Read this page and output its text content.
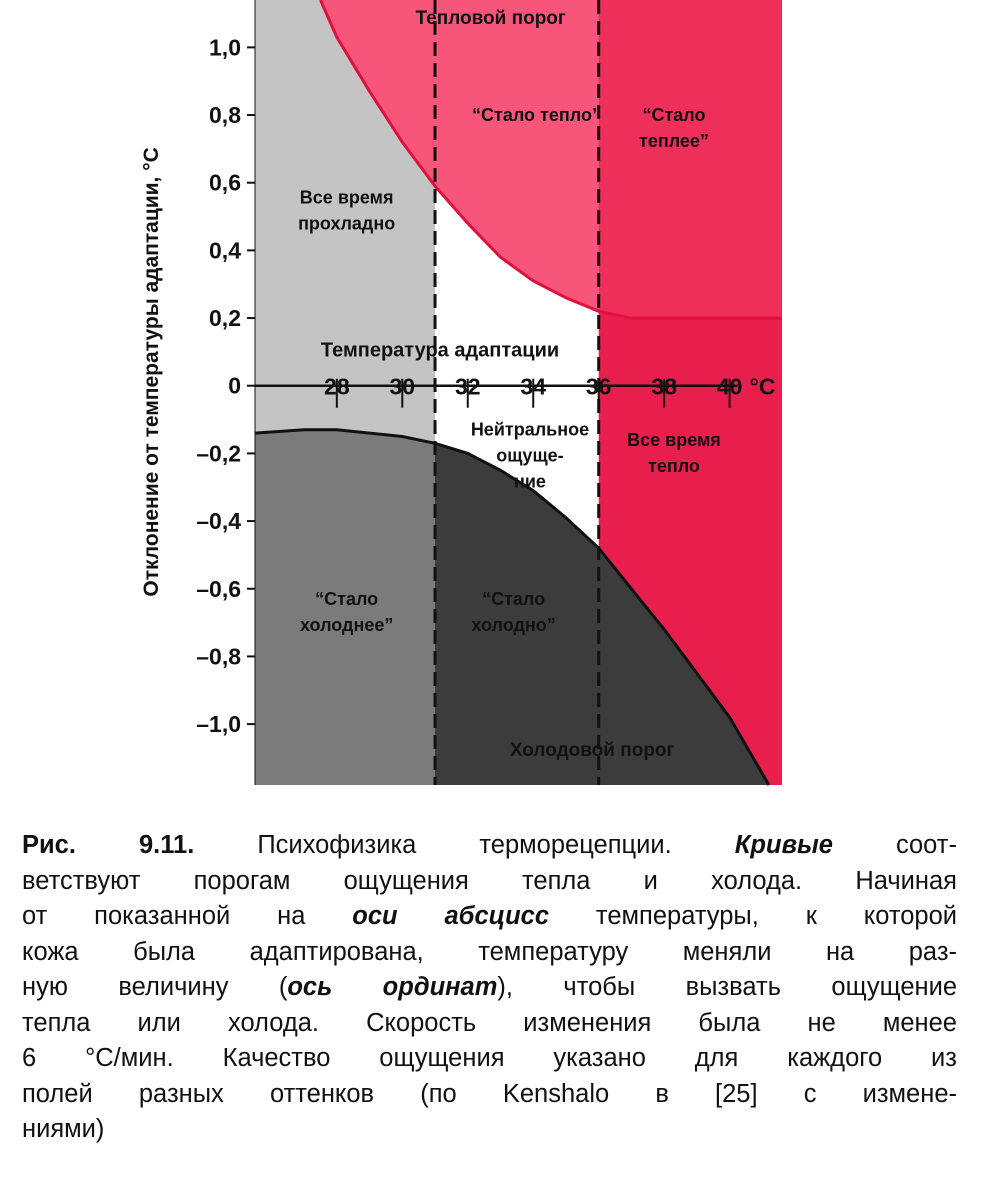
1,0
0,8
0,6
0,4
0,2
0
–0,2
–0,4
–0,6
–0,8
–1,0
28 30 32 34 36 38 40 °C
Отклонение от температуры адаптации, °C	Температура адаптации
“Стало тепло” “Стало
теплее”
Все время
прохладно
Нейтральное
ощуще-
ние
Все время
тепло
“Стало
холоднее”
“Стало
холодно”
Тепловой порог
Холодовой порог
Рис. 9.11. Психофизика терморецепции. Кривые соот-
ветствуют порогам ощущения тепла и холода. Начиная
от показанной на оси абсцисс температуры, к которой
кожа была адаптирована, температуру меняли на раз-
ную величину (ось ординат), чтобы вызвать ощущение
тепла или холода. Скорость изменения была не менее
6 °C/мин. Качество ощущения указано для каждого из
полей разных оттенков (по Kenshalo в [25] с измене-
ниями)
